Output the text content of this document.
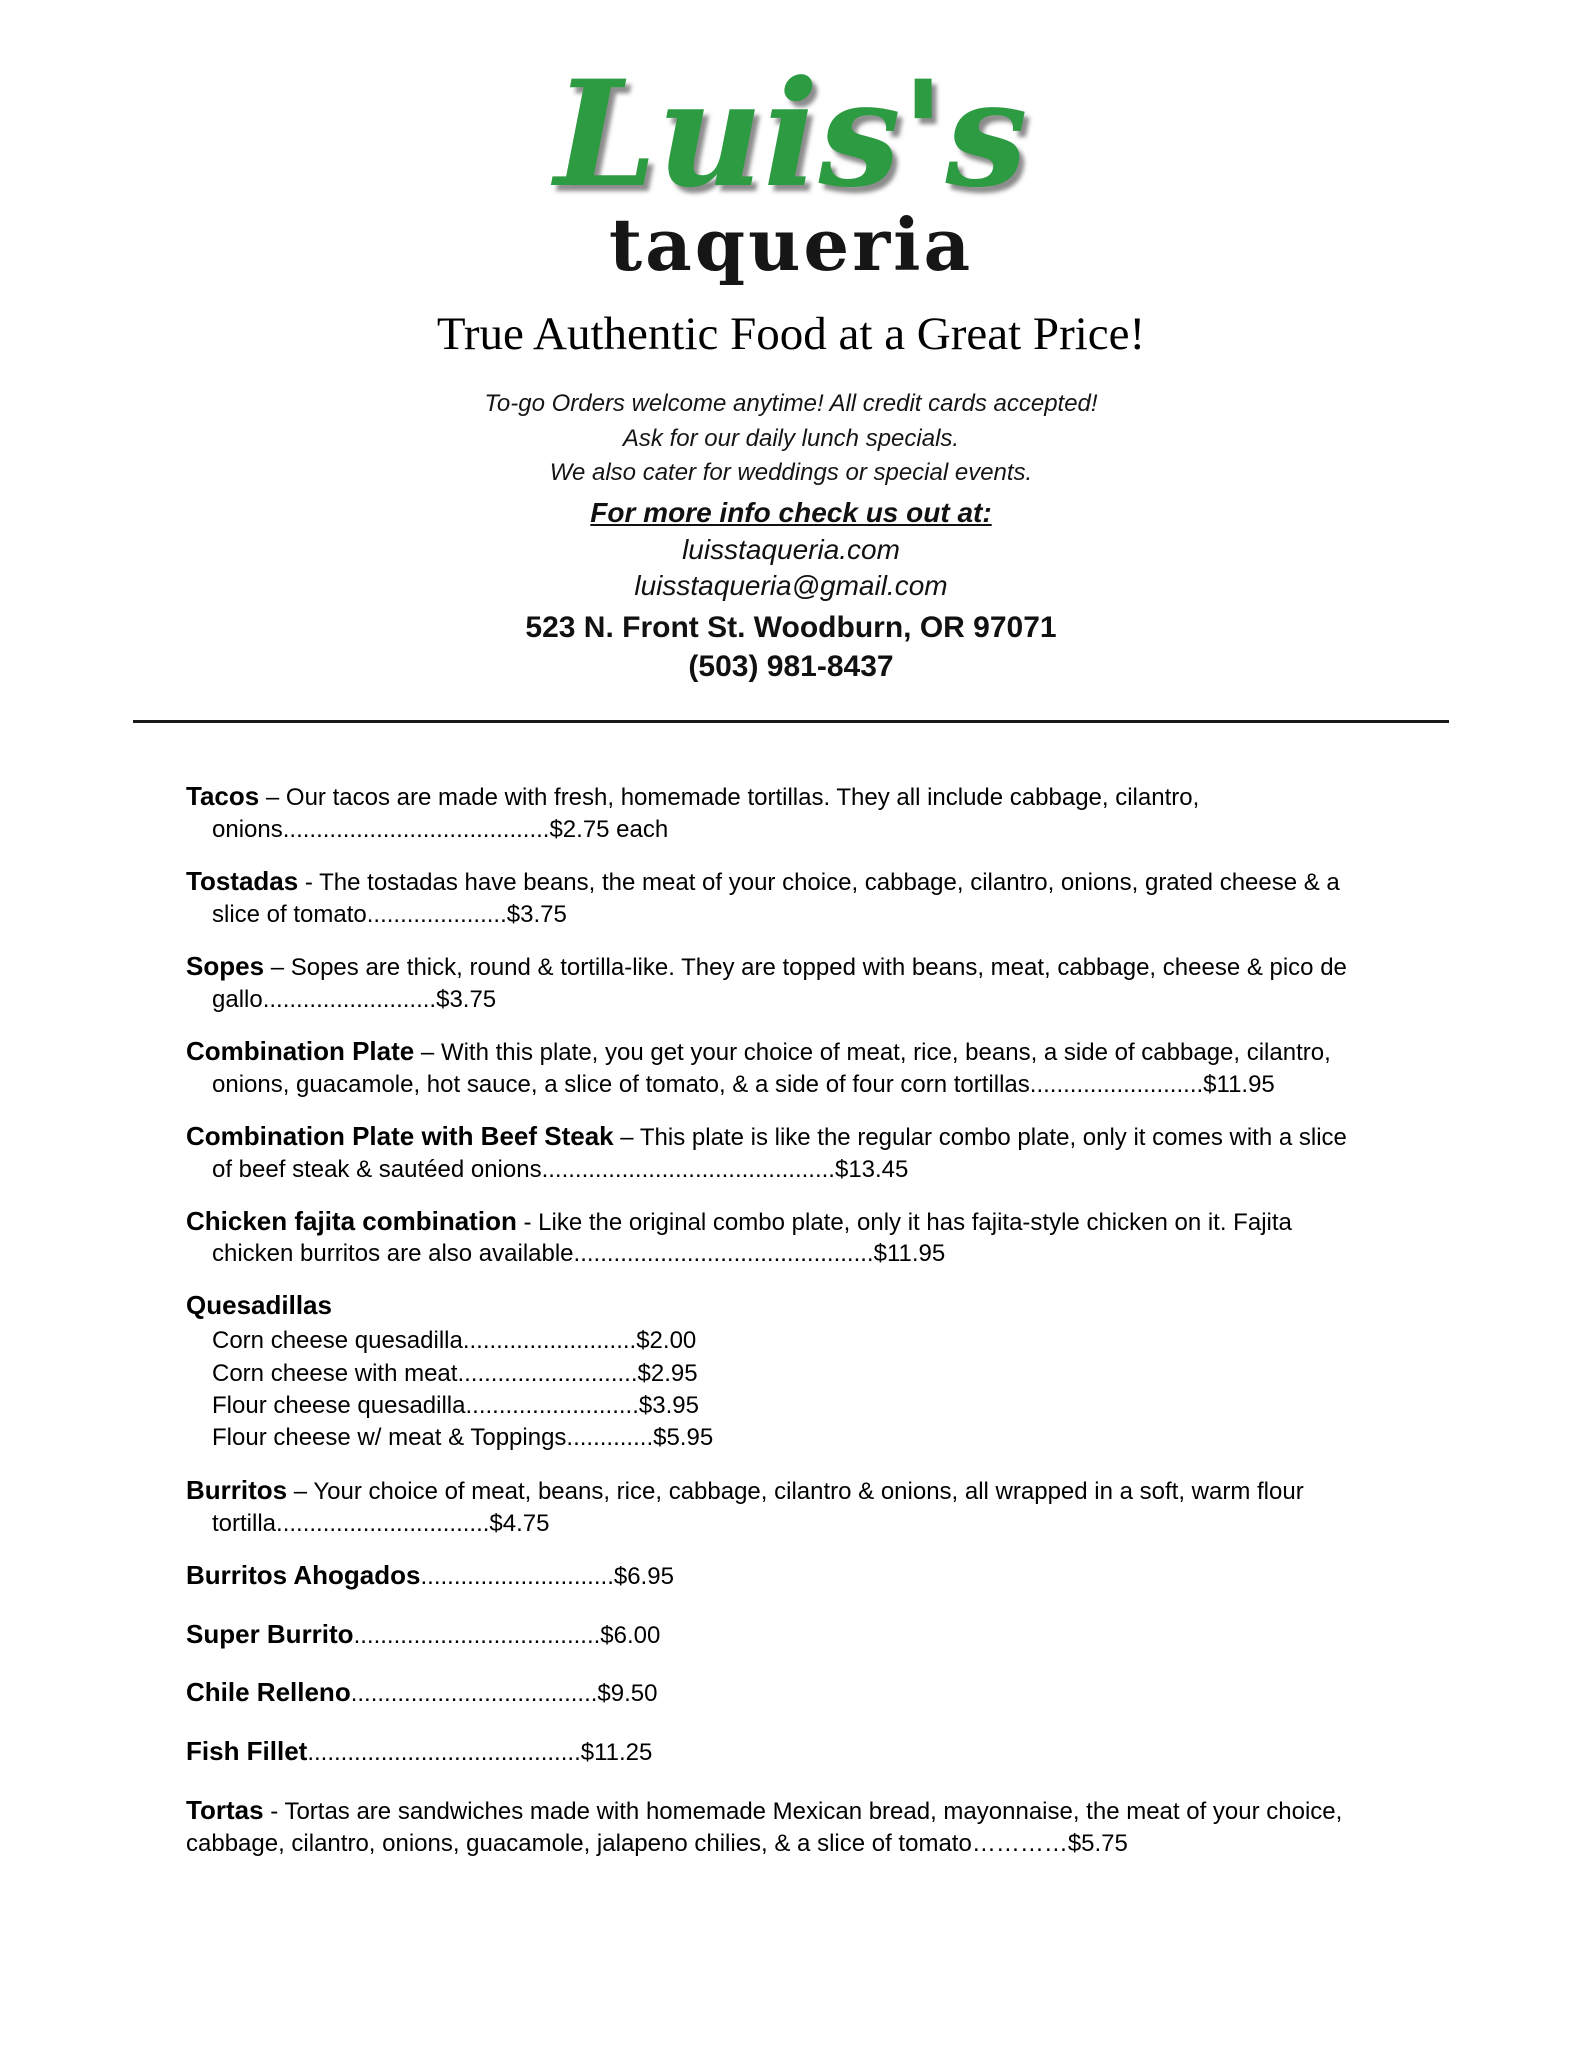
Luis's
taqueria
True Authentic Food at a Great Price!
To-go Orders welcome anytime! All credit cards accepted!
Ask for our daily lunch specials.
We also cater for weddings or special events.
For more info check us out at:
luisstaqueria.com
luisstaqueria@gmail.com
523 N. Front St. Woodburn, OR 97071
(503) 981-8437

Tacos – Our tacos are made with fresh, homemade tortillas. They all include cabbage, cilantro, onions........................................$2.75 each

Tostadas - The tostadas have beans, the meat of your choice, cabbage, cilantro, onions, grated cheese & a slice of tomato.....................$3.75

Sopes – Sopes are thick, round & tortilla-like. They are topped with beans, meat, cabbage, cheese & pico de gallo..........................$3.75

Combination Plate – With this plate, you get your choice of meat, rice, beans, a side of cabbage, cilantro, onions, guacamole, hot sauce, a slice of tomato, & a side of four corn tortillas..........................$11.95

Combination Plate with Beef Steak – This plate is like the regular combo plate, only it comes with a slice of beef steak & sautéed onions............................................$13.45

Chicken fajita combination - Like the original combo plate, only it has fajita-style chicken on it. Fajita chicken burritos are also available.............................................$11.95

Quesadillas

Corn cheese quesadilla..........................$2.00

Corn cheese with meat...........................$2.95

Flour cheese quesadilla..........................$3.95

Flour cheese w/ meat & Toppings.............$5.95

Burritos – Your choice of meat, beans, rice, cabbage, cilantro & onions, all wrapped in a soft, warm flour tortilla................................$4.75

Burritos Ahogados.............................$6.95

Super Burrito.....................................$6.00

Chile Relleno.....................................$9.50

Fish Fillet.........................................$11.25

Tortas - Tortas are sandwiches made with homemade Mexican bread, mayonnaise, the meat of your choice, cabbage, cilantro, onions, guacamole, jalapeno chilies, & a slice of tomato…………$5.75
